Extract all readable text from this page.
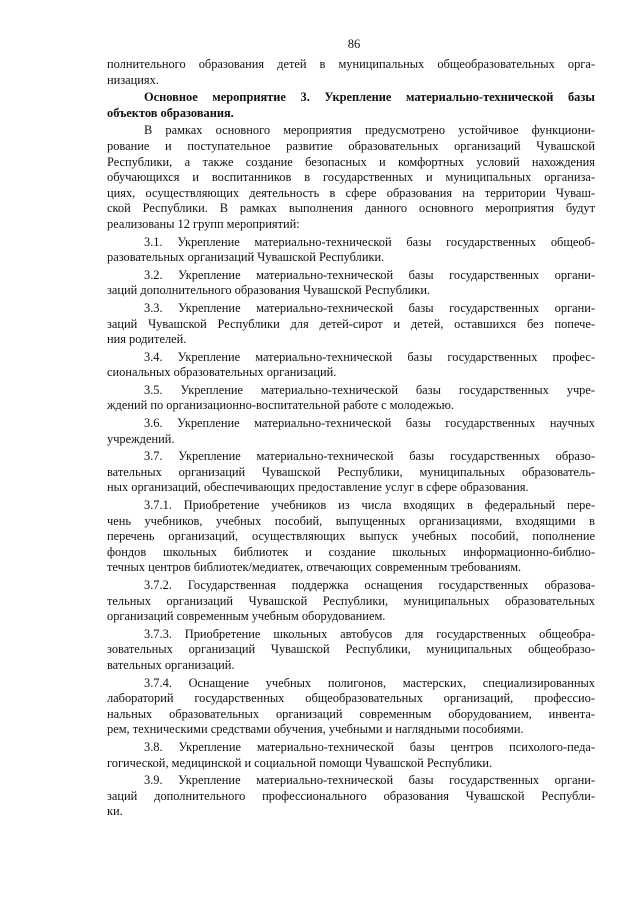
86
полнительного образования детей в муниципальных общеобразовательных орга-
низациях.
Основное мероприятие 3. Укрепление материально-технической базы
объектов образования.
В рамках основного мероприятия предусмотрено устойчивое функциони-
рование и поступательное развитие образовательных организаций Чувашской
Республики, а также создание безопасных и комфортных условий нахождения
обучающихся и воспитанников в государственных и муниципальных организа-
циях, осуществляющих деятельность в сфере образования на территории Чуваш-
ской Республики. В рамках выполнения данного основного мероприятия будут
реализованы 12 групп мероприятий:
3.1. Укрепление материально-технической базы государственных общеоб-
разовательных организаций Чувашской Республики.
3.2. Укрепление материально-технической базы государственных органи-
заций дополнительного образования Чувашской Республики.
3.3. Укрепление материально-технической базы государственных органи-
заций Чувашской Республики для детей-сирот и детей, оставшихся без попече-
ния родителей.
3.4. Укрепление материально-технической базы государственных профес-
сиональных образовательных организаций.
3.5. Укрепление материально-технической базы государственных учре-
ждений по организационно-воспитательной работе с молодежью.
3.6. Укрепление материально-технической базы государственных научных
учреждений.
3.7. Укрепление материально-технической базы государственных образо-
вательных организаций Чувашской Республики, муниципальных образователь-
ных организаций, обеспечивающих предоставление услуг в сфере образования.
3.7.1. Приобретение учебников из числа входящих в федеральный пере-
чень учебников, учебных пособий, выпущенных организациями, входящими в
перечень организаций, осуществляющих выпуск учебных пособий, пополнение
фондов школьных библиотек и создание школьных информационно-библио-
течных центров библиотек/медиатек, отвечающих современным требованиям.
3.7.2. Государственная поддержка оснащения государственных образова-
тельных организаций Чувашской Республики, муниципальных образовательных
организаций современным учебным оборудованием.
3.7.3. Приобретение школьных автобусов для государственных общеобра-
зовательных организаций Чувашской Республики, муниципальных общеобразо-
вательных организаций.
3.7.4. Оснащение учебных полигонов, мастерских, специализированных
лабораторий государственных общеобразовательных организаций, профессио-
нальных образовательных организаций современным оборудованием, инвента-
рем, техническими средствами обучения, учебными и наглядными пособиями.
3.8. Укрепление материально-технической базы центров психолого-педа-
гогической, медицинской и социальной помощи Чувашской Республики.
3.9. Укрепление материально-технической базы государственных органи-
заций дополнительного профессионального образования Чувашской Республи-
ки.
